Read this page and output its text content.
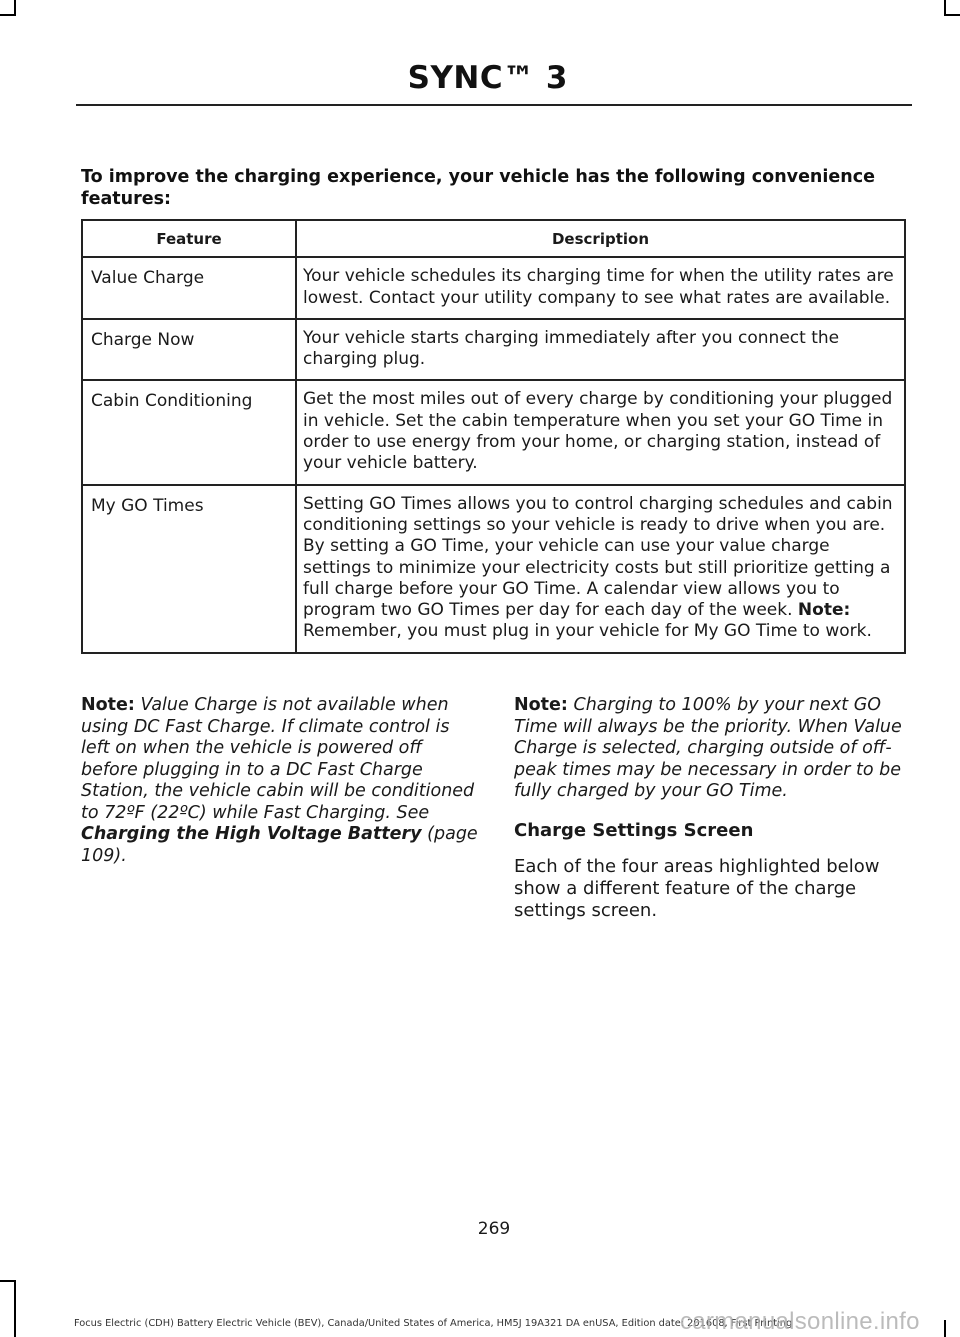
SYNC™ 3
To improve the charging experience, your vehicle has the following convenience features:
Feature	Description
Value Charge	Your vehicle schedules its charging time for when the utility rates are lowest. Contact your utility company to see what rates are available.
Charge Now	Your vehicle starts charging immediately after you connect the charging plug.
Cabin Conditioning	Get the most miles out of every charge by conditioning your plugged in vehicle. Set the cabin temperature when you set your GO Time in order to use energy from your home, or charging station, instead of your vehicle battery.
My GO Times	Setting GO Times allows you to control charging schedules and cabin conditioning settings so your vehicle is ready to drive when you are. By setting a GO Time, your vehicle can use your value charge settings to minimize your electricity costs but still prioritize getting a full charge before your GO Time. A calendar view allows you to program two GO Times per day for each day of the week. Note: Remember, you must plug in your vehicle for My GO Time to work.
Note: Value Charge is not available when using DC Fast Charge. If climate control is left on when the vehicle is powered off before plugging in to a DC Fast Charge Station, the vehicle cabin will be conditioned to 72ºF (22ºC) while Fast Charging. See Charging the High Voltage Battery (page 109).
Note: Charging to 100% by your next GO Time will always be the priority. When Value Charge is selected, charging outside of off-peak times may be necessary in order to be fully charged by your GO Time.
Charge Settings Screen
Each of the four areas highlighted below show a different feature of the charge settings screen.
269
Focus Electric (CDH) Battery Electric Vehicle (BEV), Canada/United States of America, HM5J 19A321 DA enUSA, Edition date: 201608, First Printing
carmanualsonline.info
